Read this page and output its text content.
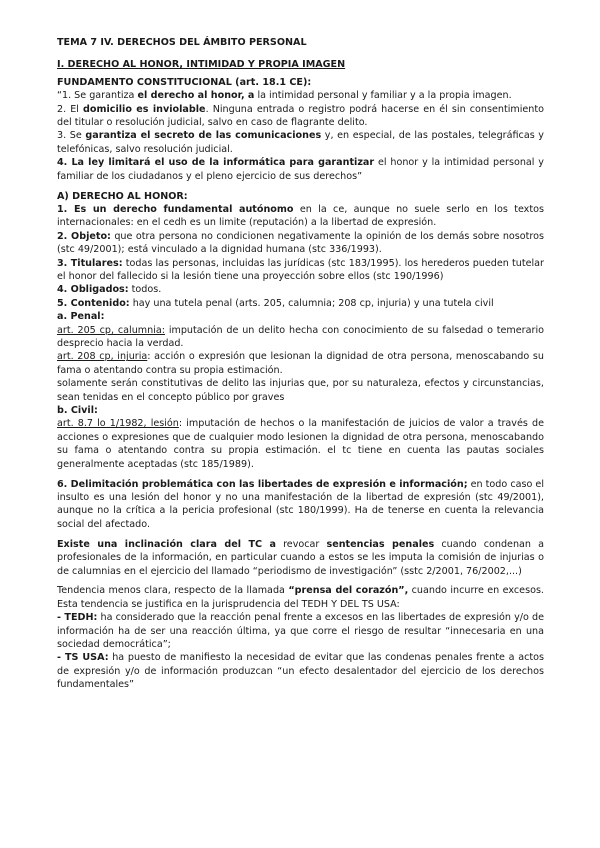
TEMA 7 IV. DERECHOS DEL ÁMBITO PERSONAL

I. DERECHO AL HONOR, INTIMIDAD Y PROPIA IMAGEN

FUNDAMENTO CONSTITUCIONAL (art. 18.1 CE):

“1. Se garantiza el derecho al honor, a la intimidad personal y familiar y a la propia imagen.

2. El domicilio es inviolable. Ninguna entrada o registro podrá hacerse en él sin consentimiento del titular o resolución judicial, salvo en caso de flagrante delito.

3. Se garantiza el secreto de las comunicaciones y, en especial, de las postales, telegráficas y telefónicas, salvo resolución judicial.

4. La ley limitará el uso de la informática para garantizar el honor y la intimidad personal y familiar de los ciudadanos y el pleno ejercicio de sus derechos”

A) DERECHO AL HONOR:

1. Es un derecho fundamental autónomo en la ce, aunque no suele serlo en los textos internacionales: en el cedh es un limite (reputación) a la libertad de expresión.

2. Objeto: que otra persona no condicionen negativamente la opinión de los demás sobre nosotros (stc 49/2001); está vinculado a la dignidad humana (stc 336/1993).

3. Titulares: todas las personas, incluidas las jurídicas (stc 183/1995). los herederos pueden tutelar el honor del fallecido si la lesión tiene una proyección sobre ellos (stc 190/1996)

4. Obligados: todos.

5. Contenido: hay una tutela penal (arts. 205, calumnia; 208 cp, injuria) y una tutela civil

a. Penal:

art. 205 cp, calumnia: imputación de un delito hecha con conocimiento de su falsedad o temerario desprecio hacia la verdad.

art. 208 cp, injuria: acción o expresión que lesionan la dignidad de otra persona, menoscabando su fama o atentando contra su propia estimación.

solamente serán constitutivas de delito las injurias que, por su naturaleza, efectos y circunstancias, sean tenidas en el concepto público por graves

b. Civil:

art. 8.7 lo 1/1982, lesión: imputación de hechos o la manifestación de juicios de valor a través de acciones o expresiones que de cualquier modo lesionen la dignidad de otra persona, menoscabando su fama o atentando contra su propia estimación. el tc tiene en cuenta las pautas sociales generalmente aceptadas (stc 185/1989).

6. Delimitación problemática con las libertades de expresión e información; en todo caso el insulto es una lesión del honor y no una manifestación de la libertad de expresión (stc 49/2001), aunque no la crítica a la pericia profesional (stc 180/1999). Ha de tenerse en cuenta la relevancia social del afectado.

Existe una inclinación clara del TC a revocar sentencias penales cuando condenan a profesionales de la información, en particular cuando a estos se les imputa la comisión de injurias o de calumnias en el ejercicio del llamado “periodismo de investigación” (sstc 2/2001, 76/2002,...)

Tendencia menos clara, respecto de la llamada “prensa del corazón”, cuando incurre en excesos. Esta tendencia se justifica en la jurisprudencia del TEDH Y DEL TS USA:

- TEDH: ha considerado que la reacción penal frente a excesos en las libertades de expresión y/o de información ha de ser una reacción última, ya que corre el riesgo de resultar “innecesaria en una sociedad democrática”;

- TS USA: ha puesto de manifiesto la necesidad de evitar que las condenas penales frente a actos de expresión y/o de información produzcan “un efecto desalentador del ejercicio de los derechos fundamentales”
